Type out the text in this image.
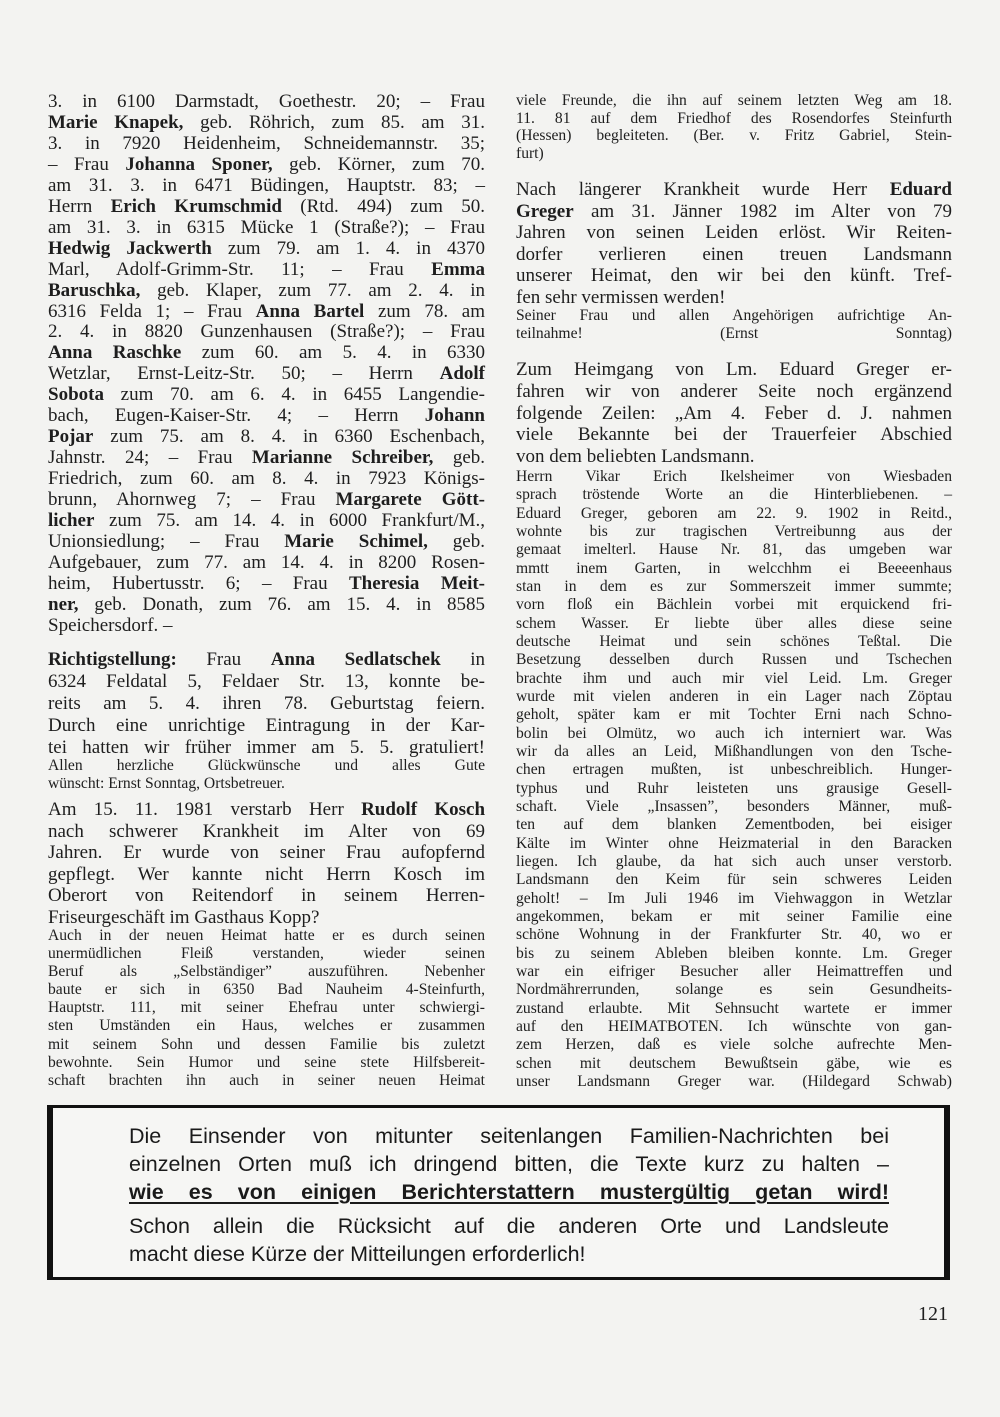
3. in 6100 Darmstadt, Goethestr. 20; – Frau
Marie Knapek, geb. Röhrich, zum 85. am 31.
3. in 7920 Heidenheim, Schneidemannstr. 35;
– Frau Johanna Sponer, geb. Körner, zum 70.
am 31. 3. in 6471 Büdingen, Hauptstr. 83; –
Herrn Erich Krumschmid (Rtd. 494) zum 50.
am 31. 3. in 6315 Mücke 1 (Straße?); – Frau
Hedwig Jackwerth zum 79. am 1. 4. in 4370
Marl, Adolf-Grimm-Str. 11; – Frau Emma
Baruschka, geb. Klaper, zum 77. am 2. 4. in
6316 Felda 1; – Frau Anna Bartel zum 78. am
2. 4. in 8820 Gunzenhausen (Straße?); – Frau
Anna Raschke zum 60. am 5. 4. in 6330
Wetzlar, Ernst-Leitz-Str. 50; – Herrn Adolf
Sobota zum 70. am 6. 4. in 6455 Langendie-
bach, Eugen-Kaiser-Str. 4; – Herrn Johann
Pojar zum 75. am 8. 4. in 6360 Eschenbach,
Jahnstr. 24; – Frau Marianne Schreiber, geb.
Friedrich, zum 60. am 8. 4. in 7923 Königs-
brunn, Ahornweg 7; – Frau Margarete Gött-
licher zum 75. am 14. 4. in 6000 Frankfurt/M.,
Unionsiedlung; – Frau Marie Schimel, geb.
Aufgebauer, zum 77. am 14. 4. in 8200 Rosen-
heim, Hubertusstr. 6; – Frau Theresia Meit-
ner, geb. Donath, zum 76. am 15. 4. in 8585
Speichersdorf. –
Richtigstellung: Frau Anna Sedlatschek in
6324 Feldatal 5, Feldaer Str. 13, konnte be-
reits am 5. 4. ihren 78. Geburtstag feiern.
Durch eine unrichtige Eintragung in der Kar-
tei hatten wir früher immer am 5. 5. gratuliert!
Allen herzliche Glückwünsche und alles Gute
wünscht: Ernst Sonntag, Ortsbetreuer.
Am 15. 11. 1981 verstarb Herr Rudolf Kosch
nach schwerer Krankheit im Alter von 69
Jahren. Er wurde von seiner Frau aufopfernd
gepflegt. Wer kannte nicht Herrn Kosch im
Oberort von Reitendorf in seinem Herren-
Friseurgeschäft im Gasthaus Kopp?
Auch in der neuen Heimat hatte er es durch seinen
unermüdlichen Fleiß verstanden, wieder seinen
Beruf als „Selbständiger” auszuführen. Nebenher
baute er sich in 6350 Bad Nauheim 4-Steinfurth,
Hauptstr. 111, mit seiner Ehefrau unter schwiergi-
sten Umständen ein Haus, welches er zusammen
mit seinem Sohn und dessen Familie bis zuletzt
bewohnte. Sein Humor und seine stete Hilfsbereit-
schaft brachten ihn auch in seiner neuen Heimat
viele Freunde, die ihn auf seinem letzten Weg am 18.
11. 81 auf dem Friedhof des Rosendorfes Steinfurth
(Hessen) begleiteten. (Ber. v. Fritz Gabriel, Stein-
furt)
Nach längerer Krankheit wurde Herr Eduard
Greger am 31. Jänner 1982 im Alter von 79
Jahren von seinen Leiden erlöst. Wir Reiten-
dorfer verlieren einen treuen Landsmann
unserer Heimat, den wir bei den künft. Tref-
fen sehr vermissen werden!
Seiner Frau und allen Angehörigen aufrichtige An-
teilnahme! (Ernst Sonntag)
Zum Heimgang von Lm. Eduard Greger er-
fahren wir von anderer Seite noch ergänzend
folgende Zeilen: „Am 4. Feber d. J. nahmen
viele Bekannte bei der Trauerfeier Abschied
von dem beliebten Landsmann.
Herrn Vikar Erich Ikelsheimer von Wiesbaden
sprach tröstende Worte an die Hinterbliebenen. –
Eduard Greger, geboren am 22. 9. 1902 in Reitd.,
wohnte bis zur tragischen Vertreibunng aus der
gemaat imelterl. Hause Nr. 81, das umgeben war
mmtt inem Garten, in welcchhm ei Beeeenhaus
stan in dem es zur Sommerszeit immer summte;
vorn floß ein Bächlein vorbei mit erquickend fri-
schem Wasser. Er liebte über alles diese seine
deutsche Heimat und sein schönes Teßtal. Die
Besetzung desselben durch Russen und Tschechen
brachte ihm und auch mir viel Leid. Lm. Greger
wurde mit vielen anderen in ein Lager nach Zöptau
geholt, später kam er mit Tochter Erni nach Schno-
bolin bei Olmütz, wo auch ich interniert war. Was
wir da alles an Leid, Mißhandlungen von den Tsche-
chen ertragen mußten, ist unbeschreiblich. Hunger-
typhus und Ruhr leisteten uns grausige Gesell-
schaft. Viele „Insassen”, besonders Männer, muß-
ten auf dem blanken Zementboden, bei eisiger
Kälte im Winter ohne Heizmaterial in den Baracken
liegen. Ich glaube, da hat sich auch unser verstorb.
Landsmann den Keim für sein schweres Leiden
geholt! – Im Juli 1946 im Viehwaggon in Wetzlar
angekommen, bekam er mit seiner Familie eine
schöne Wohnung in der Frankfurter Str. 40, wo er
bis zu seinem Ableben bleiben konnte. Lm. Greger
war ein eifriger Besucher aller Heimattreffen und
Nordmährerrunden, solange es sein Gesundheits-
zustand erlaubte. Mit Sehnsucht wartete er immer
auf den HEIMATBOTEN. Ich wünschte von gan-
zem Herzen, daß es viele solche aufrechte Men-
schen mit deutschem Bewußtsein gäbe, wie es
unser Landsmann Greger war. (Hildegard Schwab)
Die Einsender von mitunter seitenlangen Familien-Nachrichten bei
einzelnen Orten muß ich dringend bitten, die Texte kurz zu halten –
wie es von einigen Berichterstattern mustergültig getan wird!
Schon allein die Rücksicht auf die anderen Orte und Landsleute
macht diese Kürze der Mitteilungen erforderlich!
121
